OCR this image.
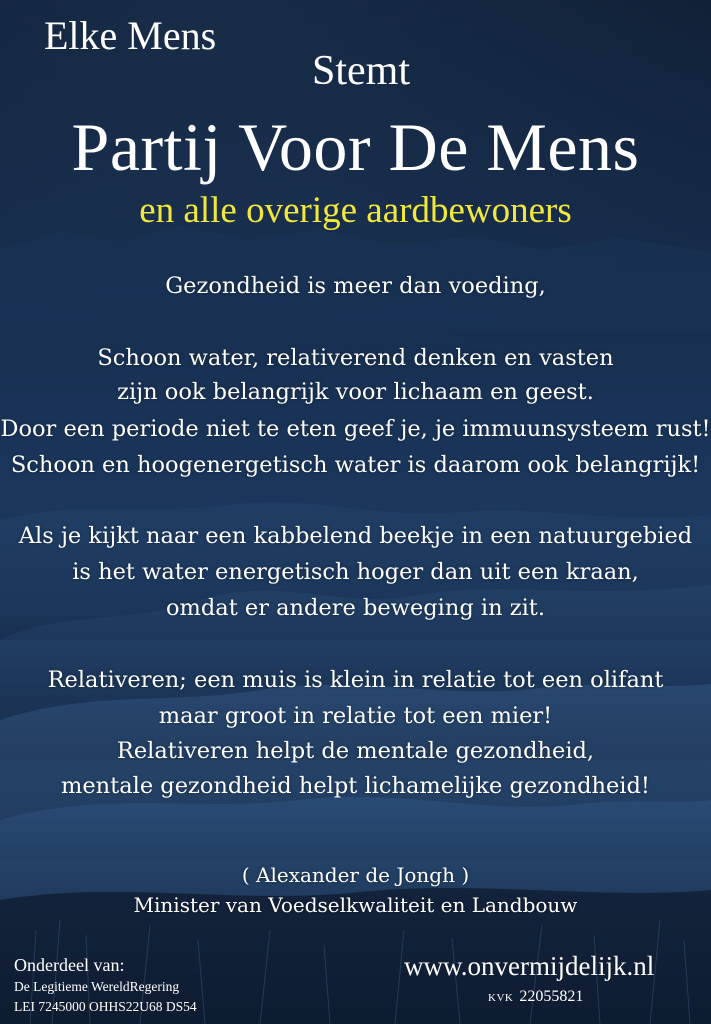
Elke Mens

Stemt

Partij Voor De Mens

en alle overige aardbewoners

Gezondheid is meer dan voeding,

Schoon water, relativerend denken en vasten

zijn ook belangrijk voor lichaam en geest.

Door een periode niet te eten geef je, je immuunsysteem rust!

Schoon en hoogenergetisch water is daarom ook belangrijk!

Als je kijkt naar een kabbelend beekje in een natuurgebied

is het water energetisch hoger dan uit een kraan,

omdat er andere beweging in zit.

Relativeren; een muis is klein in relatie tot een olifant

maar groot in relatie tot een mier!

Relativeren helpt de mentale gezondheid,

mentale gezondheid helpt lichamelijke gezondheid!

( Alexander de Jongh )

Minister van Voedselkwaliteit en Landbouw

Onderdeel van:

De Legitieme WereldRegering

LEI 7245000 OHHS22U68 DS54

www.onvermijdelijk.nl

KVK 22055821
